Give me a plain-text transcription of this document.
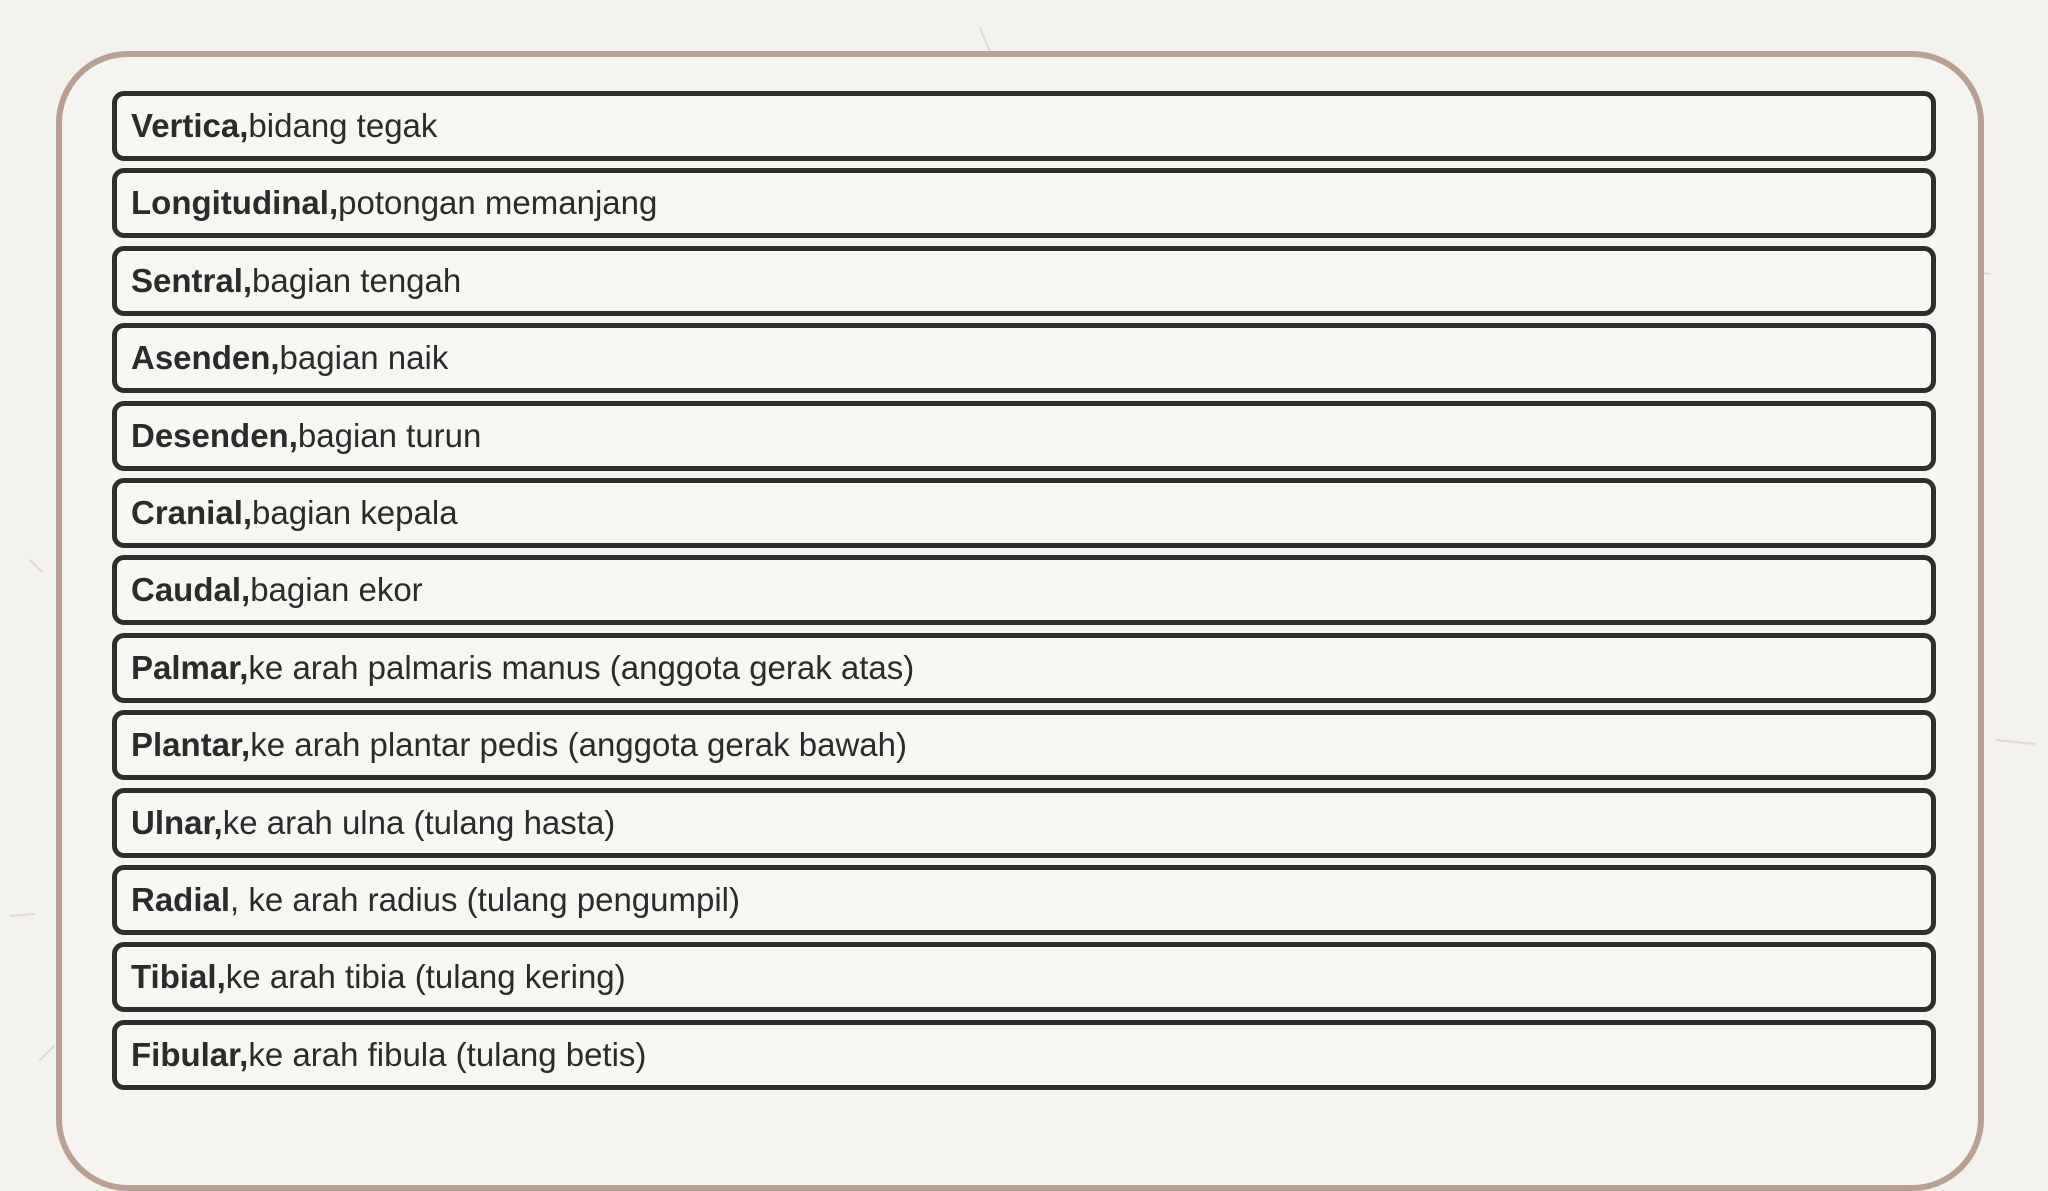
Vertica, bidang tegak
Longitudinal, potongan memanjang
Sentral, bagian tengah
Asenden, bagian naik
Desenden, bagian turun
Cranial, bagian kepala
Caudal, bagian ekor
Palmar, ke arah palmaris manus (anggota gerak atas)
Plantar, ke arah plantar pedis (anggota gerak bawah)
Ulnar, ke arah ulna (tulang hasta)
Radial , ke arah radius (tulang pengumpil)
Tibial, ke arah tibia (tulang kering)
Fibular, ke arah fibula (tulang betis)
